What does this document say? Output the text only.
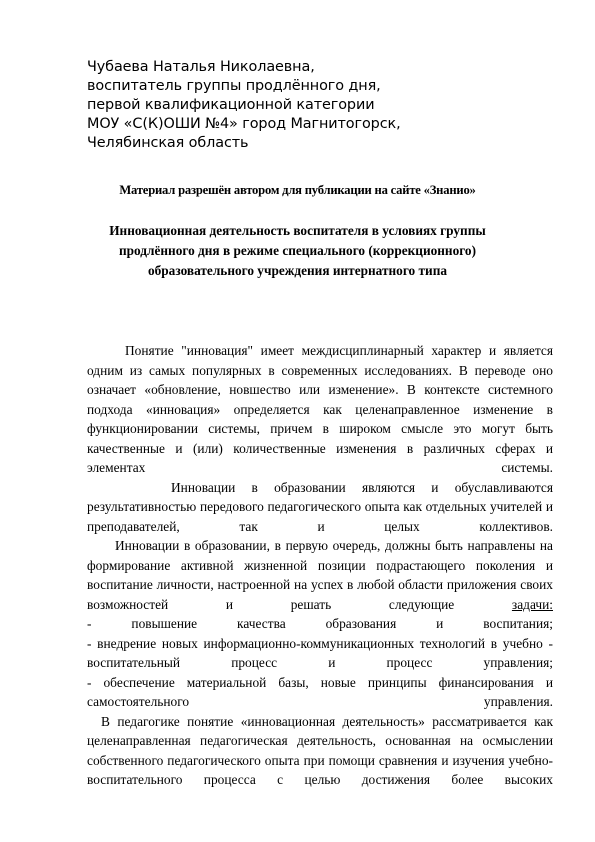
Чубаева Наталья Николаевна,
воспитатель группы продлённого дня,
первой квалификационной категории
МОУ «С(К)ОШИ №4» город Магнитогорск,
Челябинская область
Материал разрешён автором для публикации на сайте «Знанио»
Инновационная деятельность воспитателя в условиях группы
продлённого дня в режиме специального (коррекционного)
образовательного учреждения интернатного типа

Понятие "инновация" имеет междисциплинарный характер и является одним из самых популярных в современных исследованиях. В переводе оно означает «обновление, новшество или изменение». В контексте системного подхода «инновация» определяется как целенаправленное изменение в функционировании системы, причем в широком смысле это могут быть качественные и (или) количественные изменения в различных сферах и элементах системы.

Инновации в образовании являются и обуславливаются результативностью передового педагогического опыта как отдельных учителей и преподавателей, так и целых коллективов.

Инновации в образовании, в первую очередь, должны быть направлены на формирование активной жизненной позиции подрастающего поколения и воспитание личности, настроенной на успех в любой области приложения своих возможностей и решать следующие задачи:

- повышение качества образования и воспитания;

- внедрение новых информационно-коммуникационных технологий в учебно - воспитательный процесс и процесс управления;

- обеспечение материальной базы, новые принципы финансирования и самостоятельного управления.

В педагогике понятие «инновационная деятельность» рассматривается как целенаправленная педагогическая деятельность, основанная на осмыслении собственного педагогического опыта при помощи сравнения и изучения учебно-воспитательного процесса с целью достижения более высоких
